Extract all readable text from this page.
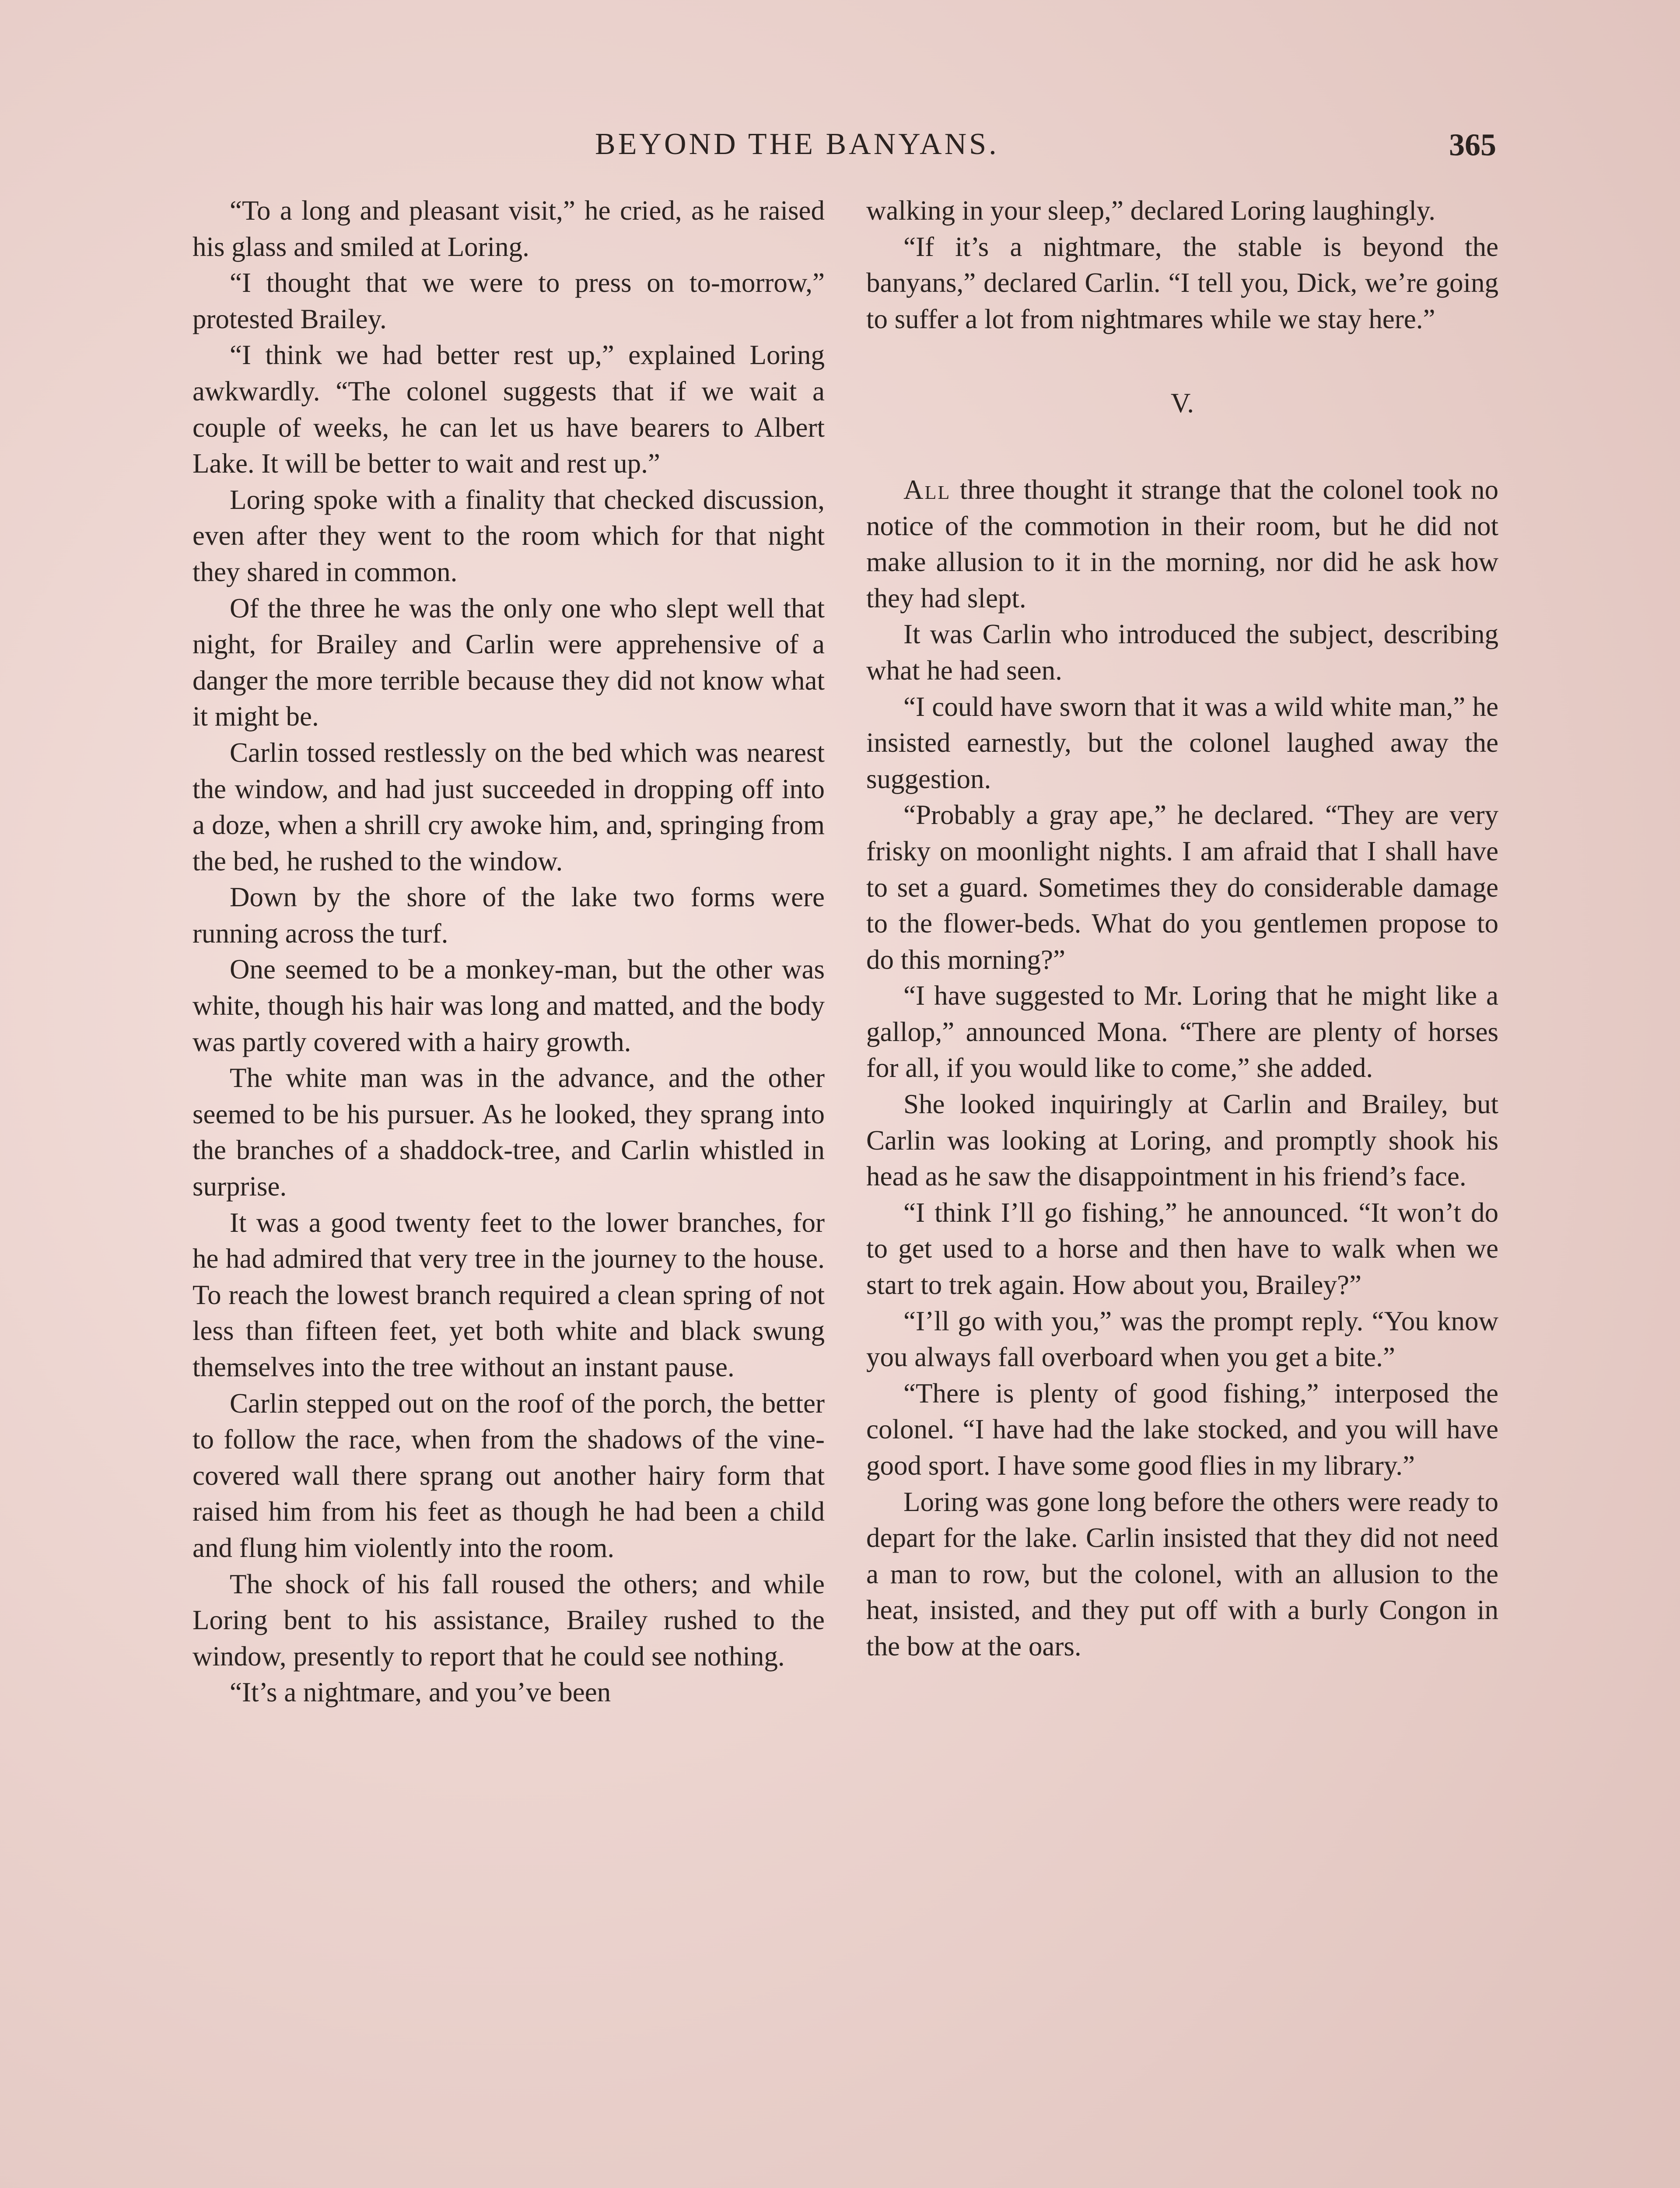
BEYOND THE BANYANS.	365

“To a long and pleasant visit,” he cried, as he raised his glass and smiled at Loring.

“I thought that we were to press on to-morrow,” protested Brailey.

“I think we had better rest up,” explained Loring awkwardly. “The colonel suggests that if we wait a couple of weeks, he can let us have bearers to Albert Lake. It will be better to wait and rest up.”

Loring spoke with a finality that checked discussion, even after they went to the room which for that night they shared in common.

Of the three he was the only one who slept well that night, for Brailey and Carlin were apprehensive of a danger the more terrible because they did not know what it might be.

Carlin tossed restlessly on the bed which was nearest the window, and had just succeeded in dropping off into a doze, when a shrill cry awoke him, and, springing from the bed, he rushed to the window.

Down by the shore of the lake two forms were running across the turf.

One seemed to be a monkey-man, but the other was white, though his hair was long and matted, and the body was partly covered with a hairy growth.

The white man was in the advance, and the other seemed to be his pursuer. As he looked, they sprang into the branches of a shaddock-tree, and Carlin whistled in surprise.

It was a good twenty feet to the lower branches, for he had admired that very tree in the journey to the house. To reach the lowest branch required a clean spring of not less than fifteen feet, yet both white and black swung themselves into the tree without an instant pause.

Carlin stepped out on the roof of the porch, the better to follow the race, when from the shadows of the vine-covered wall there sprang out another hairy form that raised him from his feet as though he had been a child and flung him violently into the room.

The shock of his fall roused the others; and while Loring bent to his assistance, Brailey rushed to the window, presently to report that he could see nothing.

“It’s a nightmare, and you’ve been

walking in your sleep,” declared Loring laughingly.

“If it’s a nightmare, the stable is beyond the banyans,” declared Carlin. “I tell you, Dick, we’re going to suffer a lot from nightmares while we stay here.”

V.

All three thought it strange that the colonel took no notice of the commotion in their room, but he did not make allusion to it in the morning, nor did he ask how they had slept.

It was Carlin who introduced the subject, describing what he had seen.

“I could have sworn that it was a wild white man,” he insisted earnestly, but the colonel laughed away the suggestion.

“Probably a gray ape,” he declared. “They are very frisky on moonlight nights. I am afraid that I shall have to set a guard. Sometimes they do considerable damage to the flower-beds. What do you gentlemen propose to do this morning?”

“I have suggested to Mr. Loring that he might like a gallop,” announced Mona. “There are plenty of horses for all, if you would like to come,” she added.

She looked inquiringly at Carlin and Brailey, but Carlin was looking at Loring, and promptly shook his head as he saw the disappointment in his friend’s face.

“I think I’ll go fishing,” he announced. “It won’t do to get used to a horse and then have to walk when we start to trek again. How about you, Brailey?”

“I’ll go with you,” was the prompt reply. “You know you always fall overboard when you get a bite.”

“There is plenty of good fishing,” interposed the colonel. “I have had the lake stocked, and you will have good sport. I have some good flies in my library.”

Loring was gone long before the others were ready to depart for the lake. Carlin insisted that they did not need a man to row, but the colonel, with an allusion to the heat, insisted, and they put off with a burly Congon in the bow at the oars.
